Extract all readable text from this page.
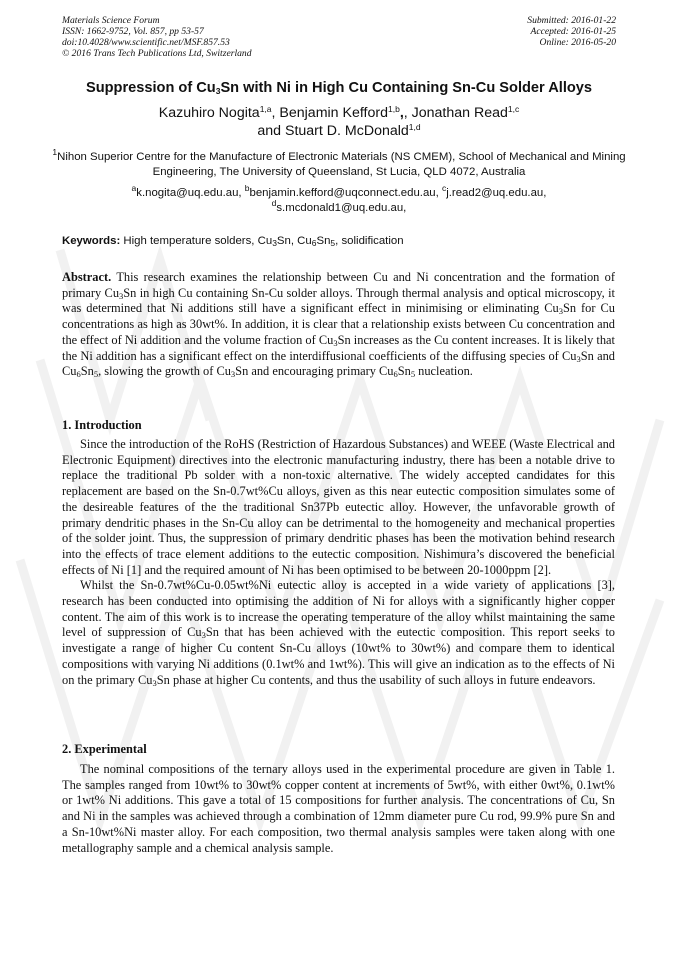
Materials Science Forum
ISSN: 1662-9752, Vol. 857, pp 53-57
doi:10.4028/www.scientific.net/MSF.857.53
© 2016 Trans Tech Publications Ltd, Switzerland
Submitted: 2016-01-22
Accepted: 2016-01-25
Online: 2016-05-20
Suppression of $Cu_3Sn$ with Ni in High Cu Containing Sn-Cu Solder Alloys
Kazuhiro Nogita$^{1,a}$, Benjamin Kefford$^{1,b}$,, Jonathan Read$^{1,c}$
and Stuart D. McDonald$^{1,d}$
$^1$Nihon Superior Centre for the Manufacture of Electronic Materials (NS CMEM), School of Mechanical and Mining Engineering, The University of Queensland, St Lucia, QLD 4072, Australia
$^a$k.nogita@uq.edu.au, $^b$benjamin.kefford@uqconnect.edu.au, $^c$j.read2@uq.edu.au,
$^d$s.mcdonald1@uq.edu.au,
Keywords: High temperature solders, $Cu_3Sn$, $Cu_6Sn_5$, solidification
Abstract. This research examines the relationship between Cu and Ni concentration and the formation of primary $Cu_3Sn$ in high Cu containing Sn-Cu solder alloys. Through thermal analysis and optical microscopy, it was determined that Ni additions still have a significant effect in minimising or eliminating $Cu_3Sn$ for Cu concentrations as high as 30wt%. In addition, it is clear that a relationship exists between Cu concentration and the effect of Ni addition and the volume fraction of $Cu_3Sn$ increases as the Cu content increases. It is likely that the Ni addition has a significant effect on the interdiffusional coefficients of the diffusing species of $Cu_3Sn$ and $Cu_6Sn_5$, slowing the growth of $Cu_3Sn$ and encouraging primary $Cu_6Sn_5$ nucleation.
1. Introduction

Since the introduction of the RoHS (Restriction of Hazardous Substances) and WEEE (Waste Electrical and Electronic Equipment) directives into the electronic manufacturing industry, there has been a notable drive to replace the traditional Pb solder with a non-toxic alternative. The widely accepted candidates for this replacement are based on the Sn-0.7wt%Cu alloys, given as this near eutectic composition simulates some of the desireable features of the the traditional Sn37Pb eutectic alloy. However, the unfavorable growth of primary dendritic phases in the Sn-Cu alloy can be detrimental to the homogeneity and mechanical properties of the solder joint. Thus, the suppression of primary dendritic phases has been the motivation behind research into the effects of trace element additions to the eutectic composition. Nishimura’s discovered the beneficial effects of Ni [1] and the required amount of Ni has been optimised to be between 20-1000ppm [2].

Whilst the Sn-0.7wt%Cu-0.05wt%Ni eutectic alloy is accepted in a wide variety of applications [3], research has been conducted into optimising the addition of Ni for alloys with a significantly higher copper content. The aim of this work is to increase the operating temperature of the alloy whilst maintaining the same level of suppression of $Cu_3Sn$ that has been achieved with the eutectic composition. This report seeks to investigate a range of higher Cu content Sn-Cu alloys (10wt% to 30wt%) and compare them to identical compositions with varying Ni additions (0.1wt% and 1wt%). This will give an indication as to the effects of Ni on the primary $Cu_3Sn$ phase at higher Cu contents, and thus the usability of such alloys in future endeavors.

2. Experimental

The nominal compositions of the ternary alloys used in the experimental procedure are given in Table 1. The samples ranged from 10wt% to 30wt% copper content at increments of 5wt%, with either 0wt%, 0.1wt% or 1wt% Ni additions. This gave a total of 15 compositions for further analysis. The concentrations of Cu, Sn and Ni in the samples was achieved through a combination of 12mm diameter pure Cu rod, 99.9% pure Sn and a Sn-10wt%Ni master alloy. For each composition, two thermal analysis samples were taken along with one metallography sample and a chemical analysis sample.
